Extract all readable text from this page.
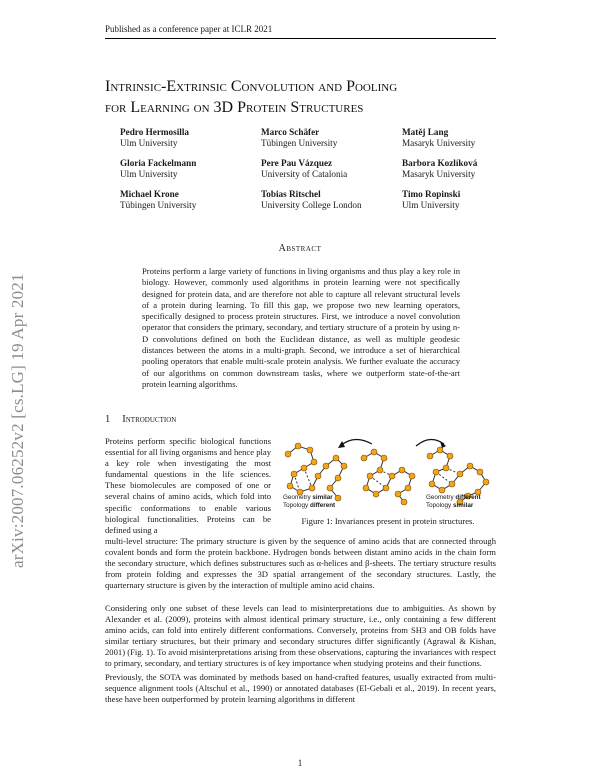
Published as a conference paper at ICLR 2021
arXiv:2007.06252v2 [cs.LG] 19 Apr 2021
Intrinsic-Extrinsic Convolution and Pooling
for Learning on 3D Protein Structures
Pedro Hermosilla
Ulm University
Marco Schäfer
Tübingen University
Matěj Lang
Masaryk University
Gloria Fackelmann
Ulm University
Pere Pau Vázquez
University of Catalonia
Barbora Kozlíková
Masaryk University
Michael Krone
Tübingen University
Tobias Ritschel
University College London
Timo Ropinski
Ulm University
Abstract
Proteins perform a large variety of functions in living organisms and thus play a key role in biology. However, commonly used algorithms in protein learning were not specifically designed for protein data, and are therefore not able to capture all relevant structural levels of a protein during learning. To fill this gap, we propose two new learning operators, specifically designed to process protein structures. First, we introduce a novel convolution operator that considers the primary, secondary, and tertiary structure of a protein by using n-D convolutions defined on both the Euclidean distance, as well as multiple geodesic distances between the atoms in a multi-graph. Second, we introduce a set of hierarchical pooling operators that enable multi-scale protein analysis. We further evaluate the accuracy of our algorithms on common downstream tasks, where we outperform state-of-the-art protein learning algorithms.
1 Introduction
Proteins perform specific biological functions essential for all living organisms and hence play a key role when investigating the most fundamental questions in the life sciences. These biomolecules are composed of one or several chains of amino acids, which fold into specific conformations to enable various biological functionalities. Proteins can be defined using a
Geometry similar
Topology different
Geometry different
Topology similar
Figure 1: Invariances present in protein structures.
multi-level structure: The primary structure is given by the sequence of amino acids that are connected through covalent bonds and form the protein backbone. Hydrogen bonds between distant amino acids in the chain form the secondary structure, which defines substructures such as α-helices and β-sheets. The tertiary structure results from protein folding and expresses the 3D spatial arrangement of the secondary structures. Lastly, the quarternary structure is given by the interaction of multiple amino acid chains.
Considering only one subset of these levels can lead to misinterpretations due to ambiguities. As shown by Alexander et al. (2009), proteins with almost identical primary structure, i.e., only containing a few different amino acids, can fold into entirely different conformations. Conversely, proteins from SH3 and OB folds have similar tertiary structures, but their primary and secondary structures differ significantly (Agrawal & Kishan, 2001) (Fig. 1). To avoid misinterpretations arising from these observations, capturing the invariances with respect to primary, secondary, and tertiary structures is of key importance when studying proteins and their functions.
Previously, the SOTA was dominated by methods based on hand-crafted features, usually extracted from multi-sequence alignment tools (Altschul et al., 1990) or annotated databases (El-Gebali et al., 2019). In recent years, these have been outperformed by protein learning algorithms in different
1
